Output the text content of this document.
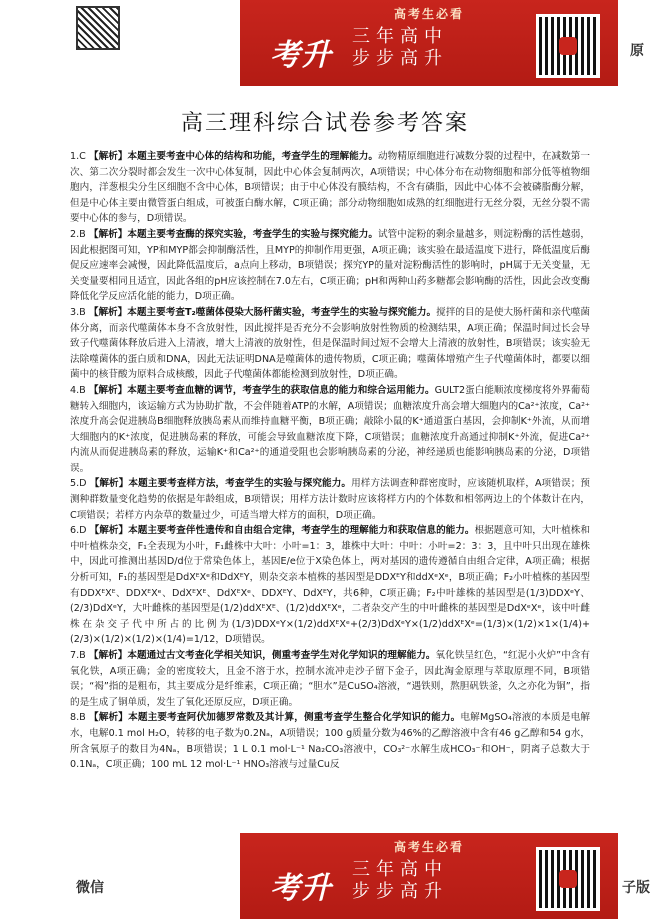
高考生必看
考升
三年高中
步步高升	原
高三理科综合试卷参考答案
1.C 【解析】本题主要考查中心体的结构和功能，考查学生的理解能力。动物精原细胞进行减数分裂的过程中，在减数第一次、第二次分裂时都会发生一次中心体复制，因此中心体会复制两次，A项错误；中心体分布在动物细胞和部分低等植物细胞内，洋葱根尖分生区细胞不含中心体，B项错误；由于中心体没有膜结构，不含有磷脂，因此中心体不会被磷脂酶分解，但是中心体主要由微管蛋白组成，可被蛋白酶水解，C项正确；部分动物细胞如成熟的红细胞进行无丝分裂，无丝分裂不需要中心体的参与，D项错误。
2.B 【解析】本题主要考查酶的探究实验，考查学生的实验与探究能力。试管中淀粉的剩余量越多，则淀粉酶的活性越弱，因此根据图可知，YP和MYP都会抑制酶活性，且MYP的抑制作用更强，A项正确；该实验在最适温度下进行，降低温度后酶促反应速率会减慢，因此降低温度后，a点向上移动，B项错误；探究YP的量对淀粉酶活性的影响时，pH属于无关变量，无关变量要相同且适宜，因此各组的pH应该控制在7.0左右，C项正确；pH和两种山药多糖都会影响酶的活性，因此会改变酶降低化学反应活化能的能力，D项正确。
3.B 【解析】本题主要考查T₂噬菌体侵染大肠杆菌实验，考查学生的实验与探究能力。搅拌的目的是使大肠杆菌和亲代噬菌体分离，而亲代噬菌体本身不含放射性，因此搅拌是否充分不会影响放射性物质的检测结果，A项正确；保温时间过长会导致子代噬菌体释放后进入上清液，增大上清液的放射性，但是保温时间过短不会增大上清液的放射性，B项错误；该实验无法除噬菌体的蛋白质和DNA，因此无法证明DNA是噬菌体的遗传物质，C项正确；噬菌体增殖产生子代噬菌体时，都要以细菌中的核苷酸为原料合成核酸，因此子代噬菌体都能检测到放射性，D项正确。
4.B 【解析】本题主要考查血糖的调节，考查学生的获取信息的能力和综合运用能力。GULT2蛋白能顺浓度梯度将外界葡萄糖转入细胞内，该运输方式为协助扩散，不会伴随着ATP的水解，A项错误；血糖浓度升高会增大细胞内的Ca²⁺浓度，Ca²⁺浓度升高会促进胰岛B细胞释放胰岛素从而维持血糖平衡，B项正确；敲除小鼠的K⁺通道蛋白基因，会抑制K⁺外流，从而增大细胞内的K⁺浓度，促进胰岛素的释放，可能会导致血糖浓度下降，C项错误；血糖浓度升高通过抑制K⁺外流，促进Ca²⁺内流从而促进胰岛素的释放，运输K⁺和Ca²⁺的通道受阻也会影响胰岛素的分泌，神经递质也能影响胰岛素的分泌，D项错误。
5.D 【解析】本题主要考查样方法，考查学生的实验与探究能力。用样方法调查种群密度时，应该随机取样，A项错误；预测种群数量变化趋势的依据是年龄组成，B项错误；用样方法计数时应该将样方内的个体数和相邻两边上的个体数计在内，C项错误；若样方内杂草的数量过少，可适当增大样方的面积，D项正确。
6.D 【解析】本题主要考查伴性遗传和自由组合定律，考查学生的理解能力和获取信息的能力。根据题意可知，大叶植株和中叶植株杂交，F₁全表现为小叶，F₁雌株中大叶：小叶=1：3，雄株中大叶：中叶：小叶=2：3：3，且中叶只出现在雄株中，因此可推测出基因D/d位于常染色体上，基因E/e位于X染色体上，两对基因的遗传遵循自由组合定律，A项正确；根据分析可知，F₁的基因型是DdXᴱXᵉ和DdXᴱY，则杂交亲本植株的基因型是DDXᴱY和ddXᵉXᵉ，B项正确；F₂小叶植株的基因型有DDXᴱXᴱ、DDXᴱXᵉ、DdXᴱXᴱ、DdXᴱXᵉ、DDXᴱY、DdXᴱY，共6种，C项正确；F₂中叶雄株的基因型是(1/3)DDXᵉY、(2/3)DdXᵉY，大叶雌株的基因型是(1/2)ddXᴱXᴱ、(1/2)ddXᴱXᵉ，二者杂交产生的中叶雌株的基因型是DdXᵉXᵉ，该中叶雌株在杂交子代中所占的比例为(1/3)DDXᵉY×(1/2)ddXᴱXᵉ+(2/3)DdXᵉY×(1/2)ddXᴱXᵉ=(1/3)×(1/2)×1×(1/4)+(2/3)×(1/2)×(1/2)×(1/4)=1/12，D项错误。
7.B 【解析】本题通过古文考查化学相关知识，侧重考查学生对化学知识的理解能力。氧化铁呈红色，“红泥小火炉”中含有氧化铁，A项正确；金的密度较大，且金不溶于水，控制水流冲走沙子留下金子，因此淘金原理与萃取原理不同，B项错误；“褐”指的是粗布，其主要成分是纤维素，C项正确；“胆水”是CuSO₄溶液，“遇铁则，熬胆矾铁釜，久之亦化为铜”，指的是生成了铜单质，发生了氧化还原反应，D项正确。
8.B 【解析】本题主要考查阿伏加德罗常数及其计算，侧重考查学生整合化学知识的能力。电解MgSO₄溶液的本质是电解水，电解0.1 mol H₂O，转移的电子数为0.2Nₐ，A项错误；100 g质量分数为46%的乙醇溶液中含有46 g乙醇和54 g水，所含氧原子的数目为4Nₐ，B项错误；1 L 0.1 mol·L⁻¹ Na₂CO₃溶液中，CO₃²⁻水解生成HCO₃⁻和OH⁻，阴离子总数大于0.1Nₐ，C项正确；100 mL 12 mol·L⁻¹ HNO₃溶液与过量Cu反
微信
高考生必看
考升
三年高中
步步高升	子版
